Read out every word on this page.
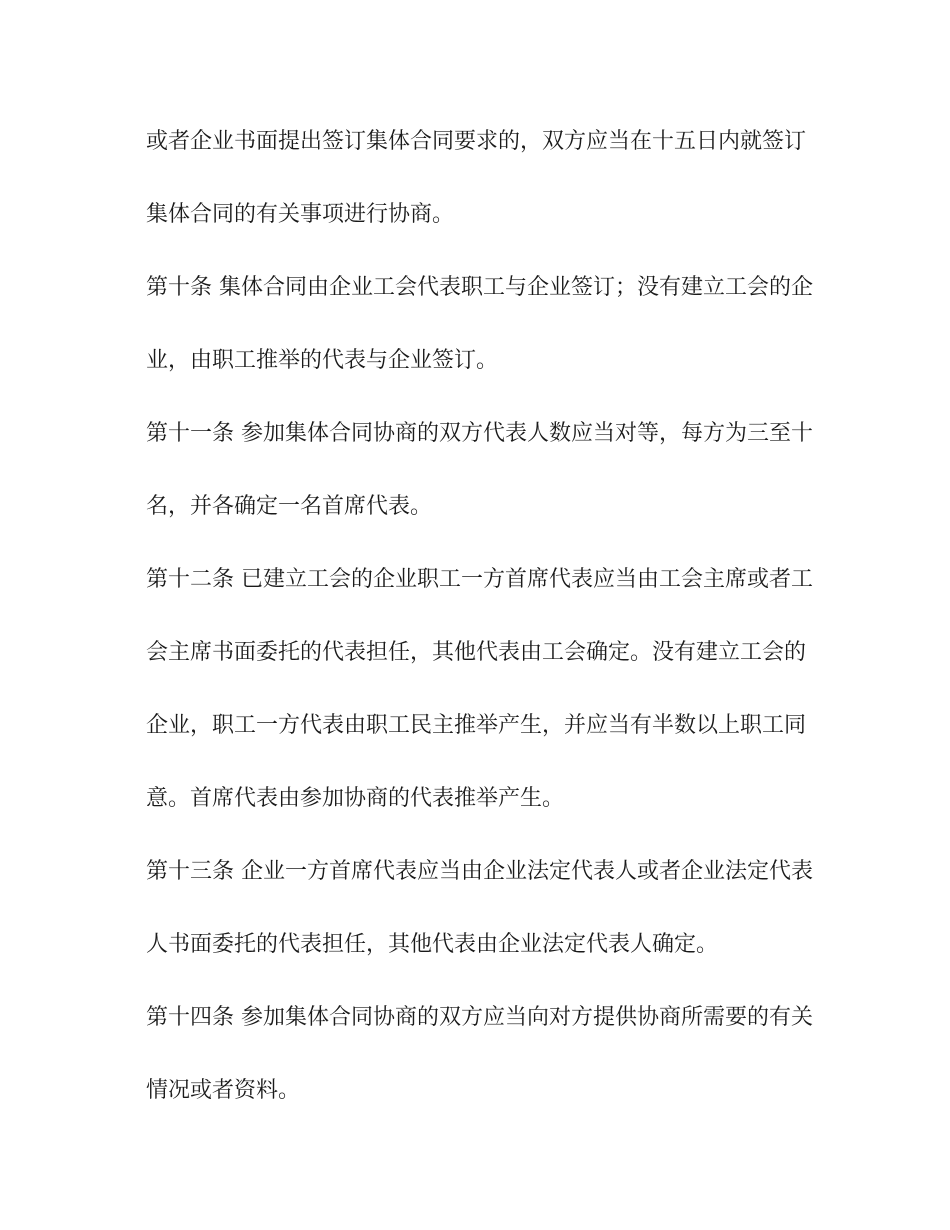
或者企业书面提出签订集体合同要求的，双方应当在十五日内就签订

集体合同的有关事项进行协商。

第十条 集体合同由企业工会代表职工与企业签订；没有建立工会的企

业，由职工推举的代表与企业签订。

第十一条 参加集体合同协商的双方代表人数应当对等，每方为三至十

名，并各确定一名首席代表。

第十二条 已建立工会的企业职工一方首席代表应当由工会主席或者工

会主席书面委托的代表担任，其他代表由工会确定。没有建立工会的

企业，职工一方代表由职工民主推举产生，并应当有半数以上职工同

意。首席代表由参加协商的代表推举产生。

第十三条 企业一方首席代表应当由企业法定代表人或者企业法定代表

人书面委托的代表担任，其他代表由企业法定代表人确定。

第十四条 参加集体合同协商的双方应当向对方提供协商所需要的有关

情况或者资料。
